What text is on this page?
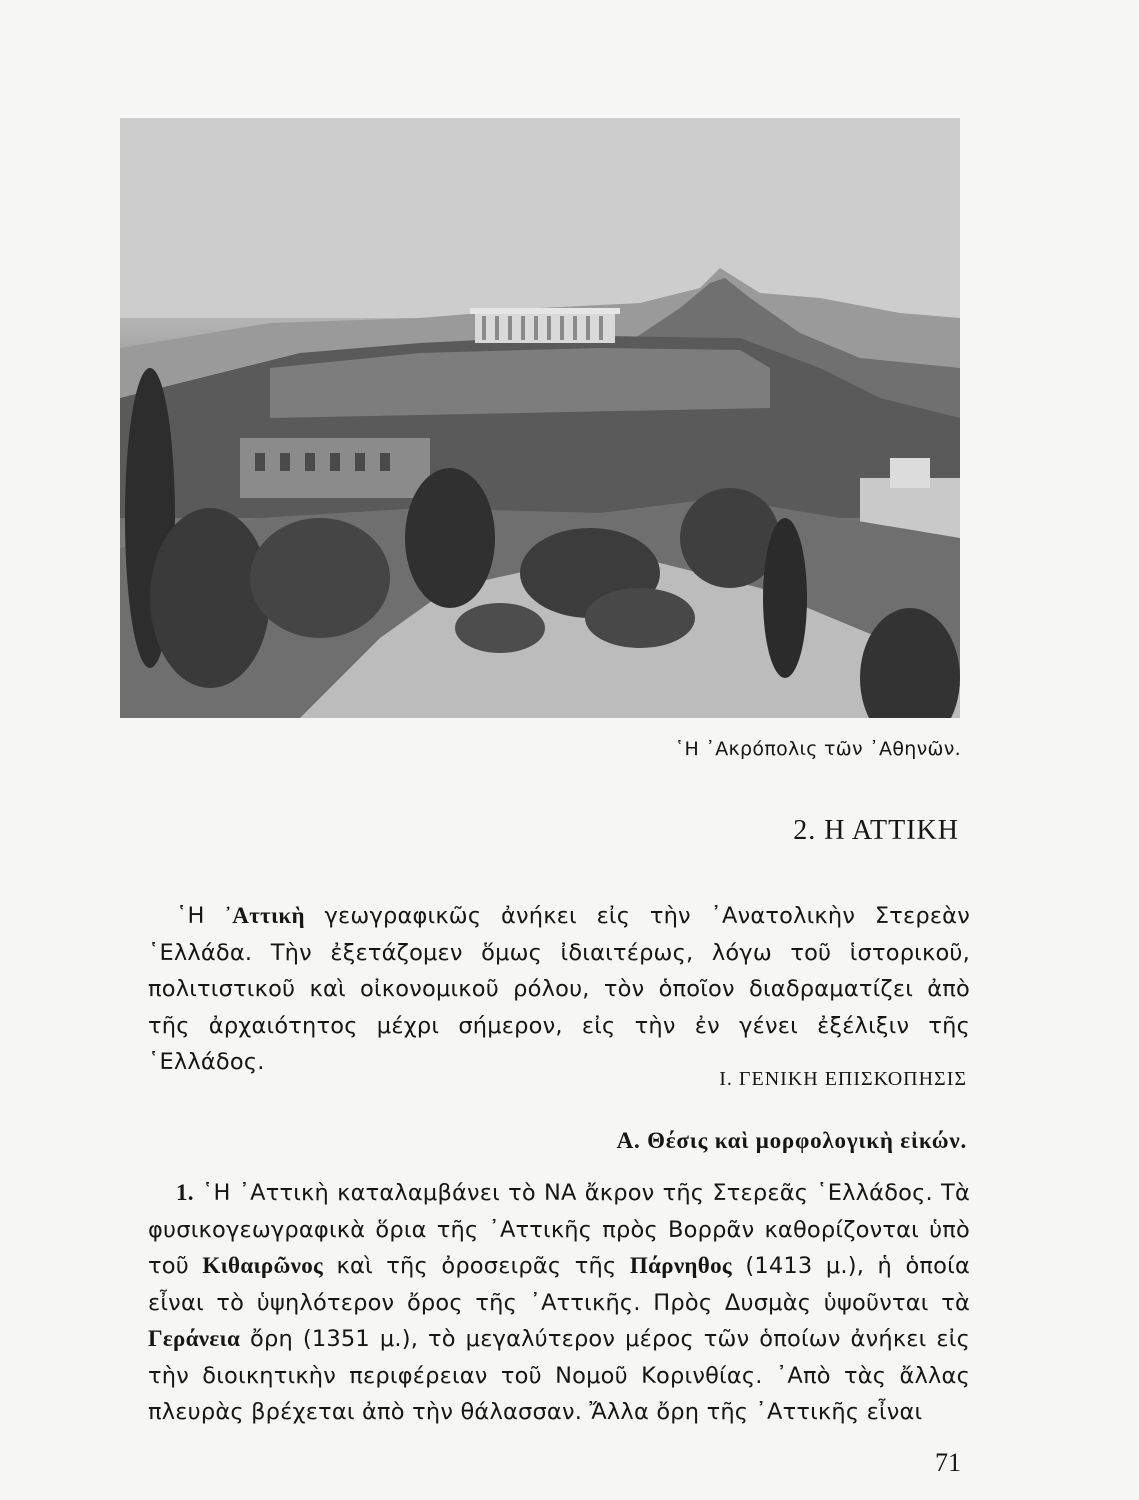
῾Η ᾿Ακρόπολις τῶν ᾿Αθηνῶν.
2. Η ΑΤΤΙΚΗ

῾Η ᾿Αττικὴ γεωγραφικῶς ἀνήκει εἰς τὴν ᾿Ανατολικὴν Στερεὰν ῾Ελλάδα. Τὴν ἐξετάζομεν ὅμως ἰδιαιτέρως, λόγω τοῦ ἱστορικοῦ, πολιτιστικοῦ καὶ οἰκονομικοῦ ρόλου, τὸν ὁποῖον διαδραματίζει ἀπὸ τῆς ἀρχαιότητος μέχρι σήμερον, εἰς τὴν ἐν γένει ἐξέλιξιν τῆς ῾Ελλάδος.

Ι. ΓΕΝΙΚΗ ΕΠΙΣΚΟΠΗΣΙΣ
Α. Θέσις καὶ μορφολογικὴ εἰκών.

1. ῾Η ᾿Αττικὴ καταλαμβάνει τὸ ΝΑ ἄκρον τῆς Στερεᾶς ῾Ελλάδος. Τὰ φυσικογεωγραφικὰ ὅρια τῆς ᾿Αττικῆς πρὸς Βορρᾶν καθορίζονται ὑπὸ τοῦ Κιθαιρῶνος καὶ τῆς ὀροσειρᾶς τῆς Πάρνηθος (1413 μ.), ἡ ὁποία εἶναι τὸ ὑψηλότερον ὄρος τῆς ᾿Αττικῆς. Πρὸς Δυσμὰς ὑψοῦνται τὰ Γεράνεια ὄρη (1351 μ.), τὸ μεγαλύτερον μέρος τῶν ὁποίων ἀνήκει εἰς τὴν διοικητικὴν περιφέρειαν τοῦ Νομοῦ Κορινθίας. ᾿Απὸ τὰς ἄλλας πλευρὰς βρέχεται ἀπὸ τὴν θάλασσαν. Ἄλλα ὄρη τῆς ᾿Αττικῆς εἶναι

71
